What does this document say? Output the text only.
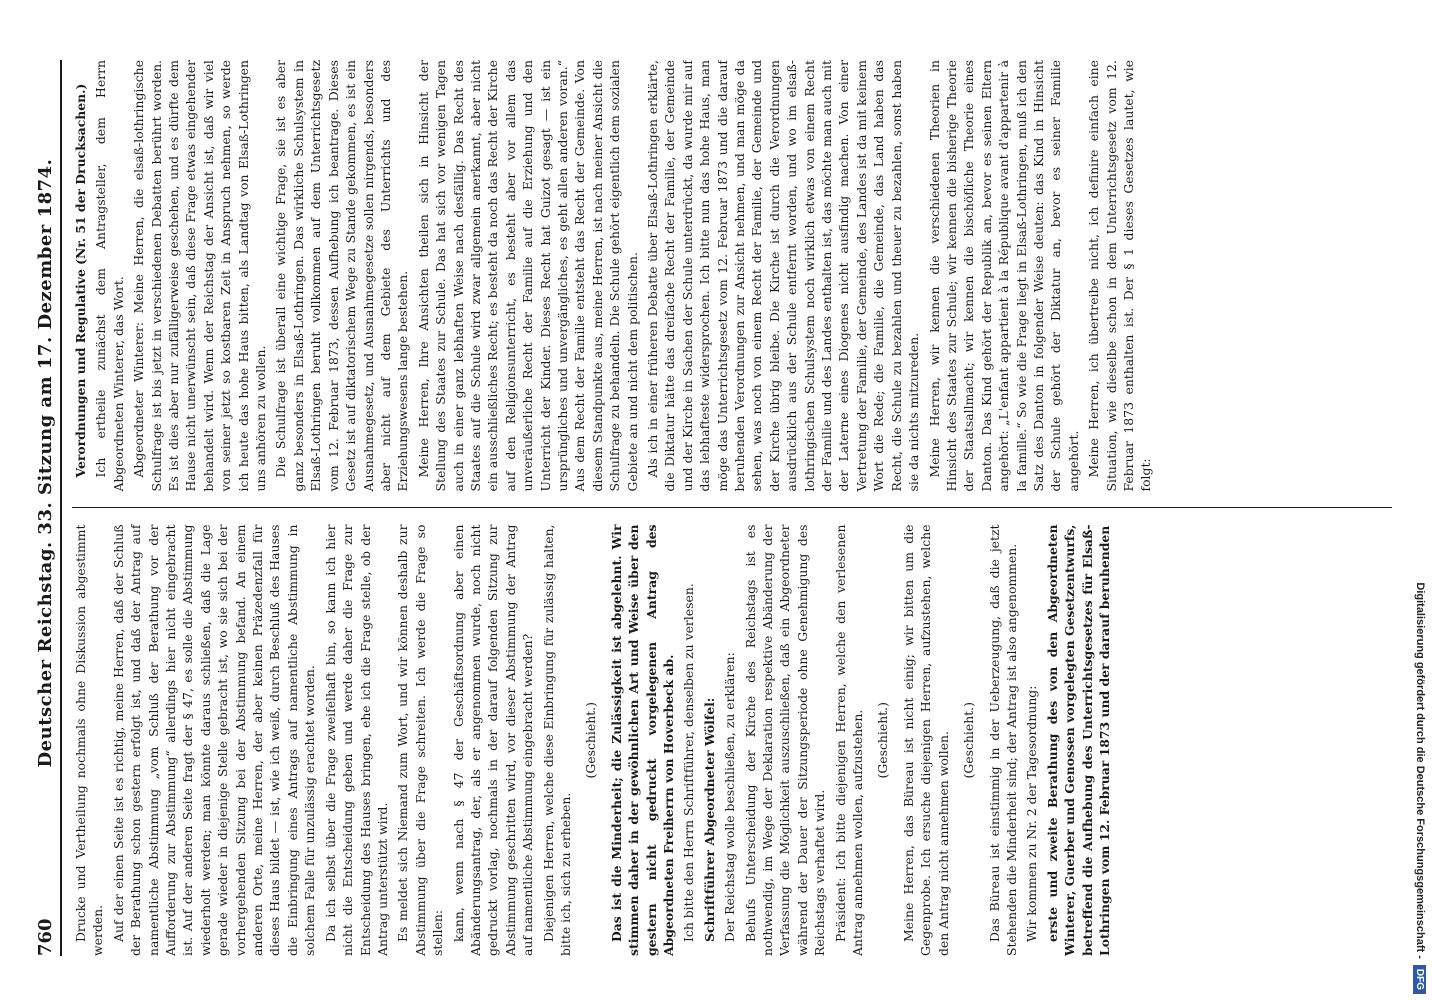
760
Deutscher Reichstag. 33. Sitzung am 17. Dezember 1874. Drucke und Vertheilung nochmals ohne Diskussion abgestimmt werden. Auf der einen Seite ist es richtig, meine Herren, daß der Schluß der Berathung schon gestern erfolgt ist, und daß der Antrag auf namentliche Abstimmung „vom Schluß der Berathung vor der Aufforderung zur Abstimmung“ allerdings hier nicht eingebracht ist. Auf der anderen Seite fragt der § 47, es solle die Abstimmung wiederholt werden; man könnte daraus schließen, daß die Lage gerade wieder in diejenige Stelle gebracht ist, wo sie sich bei der vorhergehenden Sitzung bei der Abstimmung befand. An einem anderen Orte, meine Herren, der aber keinen Präzedenzfall für dieses Haus bildet — ist, wie ich weiß, durch Beschluß des Hauses die Einbringung eines Antrags auf namentliche Abstimmung in solchem Falle für unzulässig erachtet worden. Da ich selbst über die Frage zweifelhaft bin, so kann ich hier nicht die Entscheidung geben und werde daher die Frage zur Entscheidung des Hauses bringen, ehe ich die Frage stelle, ob der Antrag unterstützt wird. Es meldet sich Niemand zum Wort, und wir können deshalb zur Abstimmung über die Frage schreiten. Ich werde die Frage so stellen: kann, wenn nach § 47 der Geschäftsordnung aber einen Abänderungsantrag, der, als er angenommen wurde, noch nicht gedruckt vorlag, nochmals in der darauf folgenden Sitzung zur Abstimmung geschritten wird, vor dieser Abstimmung der Antrag auf namentliche Abstimmung eingebracht werden? Diejenigen Herren, welche diese Einbringung für zulässig halten, bitte ich, sich zu erheben.

(Geschieht.) Das ist die Minderheit; die Zulässigkeit ist abgelehnt. Wir stimmen daher in der gewöhnlichen Art und Weise über den gestern nicht gedruckt vorgelegenen Antrag des Abgeordneten Freiherrn von Hoverbeck ab. Ich bitte den Herrn Schriftführer, denselben zu verlesen. Schriftführer Abgeordneter Wölfel: Der Reichstag wolle beschließen, zu erklären: Behufs Unterscheidung der Kirche des Reichstags ist es nothwendig, im Wege der Deklaration respektive Abänderung der Verfassung die Möglichkeit auszuschließen, daß ein Abgeordneter während der Dauer der Sitzungsperiode ohne Genehmigung des Reichstags verhaftet wird. Präsident: Ich bitte diejenigen Herren, welche den verlesenen Antrag annehmen wollen, aufzustehen. (Geschieht.) Meine Herren, das Büreau ist nicht einig; wir bitten um die Gegenprobe. Ich ersuche diejenigen Herren, aufzustehen, welche den Antrag nicht annehmen wollen. (Geschieht.) Das Büreau ist einstimmig in der Ueberzeugung, daß die jetzt Stehenden die Minderheit sind; der Antrag ist also angenommen. Wir kommen zu Nr. 2 der Tagesordnung: erste und zweite Berathung des von den Abgeordneten Winterer, Guerber und Genossen vorgelegten Gesetzentwurfs, betreffend die Aufhebung des Unterrichtsgesetzes für Elsaß-Lothringen vom 12. Februar 1873 und der darauf beruhenden

Verordnungen und Regulative (Nr. 51 der Drucksachen.) Ich ertheile zunächst dem Antragsteller, dem Herrn Abgeordneten Winterer, das Wort. Abgeordneter Winterer: Meine Herren, die elsaß-lothringische Schulfrage ist bis jetzt in verschiedenen Debatten berührt worden. Es ist dies aber nur zufälligerweise geschehen, und es dürfte dem Hause nicht unerwünscht sein, daß diese Frage etwas eingehender behandelt wird. Wenn der Reichstag der Ansicht ist, daß wir viel von seiner jetzt so kostbaren Zeit in Anspruch nehmen, so werde ich heute das hohe Haus bitten, als Landtag von Elsaß-Lothringen uns anhören zu wollen. Die Schulfrage ist überall eine wichtige Frage, sie ist es aber ganz besonders in Elsaß-Lothringen. Das wirkliche Schulsystem in Elsaß-Lothringen beruht vollkommen auf dem Unterrichtsgesetz vom 12. Februar 1873, dessen Aufhebung ich beantrage. Dieses Gesetz ist auf diktatorischem Wege zu Stande gekommen, es ist ein Ausnahmegesetz, und Ausnahmegesetze sollen nirgends, besonders aber nicht auf dem Gebiete des Unterrichts und des Erziehungswesens lange bestehen. Meine Herren, Ihre Ansichten theilen sich in Hinsicht der Stellung des Staates zur Schule. Das hat sich vor wenigen Tagen auch in einer ganz lebhaften Weise nach desfällig. Das Recht des Staates auf die Schule wird zwar allgemein anerkannt, aber nicht ein ausschließliches Recht; es besteht da noch das Recht der Kirche auf den Religionsunterricht, es besteht aber vor allem das unveräußerliche Recht der Familie auf die Erziehung und den Unterricht der Kinder. Dieses Recht hat Guizot gesagt — ist ein ursprüngliches und unvergängliches, es geht allen anderen voran.“ Aus dem Recht der Familie entsteht das Recht der Gemeinde. Von diesem Standpunkte aus, meine Herren, ist nach meiner Ansicht die Schulfrage zu behandeln. Die Schule gehört eigentlich dem sozialen Gebiete an und nicht dem politischen. Als ich in einer früheren Debatte über Elsaß-Lothringen erklärte, die Diktatur hätte das dreifache Recht der Familie, der Gemeinde und der Kirche in Sachen der Schule unterdrückt, da wurde mir auf das lebhafteste widersprochen. Ich bitte nun das hohe Haus, man möge das Unterrichtsgesetz vom 12. Februar 1873 und die darauf beruhenden Verordnungen zur Ansicht nehmen, und man möge da sehen, was noch von einem Recht der Familie, der Gemeinde und der Kirche übrig bleibe. Die Kirche ist durch die Verordnungen ausdrücklich aus der Schule entfernt worden, und wo im elsaß-lothringischen Schulsystem noch wirklich etwas von einem Recht der Familie und des Landes enthalten ist, das möchte man auch mit der Laterne eines Diogenes nicht ausfindig machen. Von einer Vertretung der Familie, der Gemeinde, des Landes ist da mit keinem Wort die Rede; die Familie, die Gemeinde, das Land haben das Recht, die Schule zu bezahlen und theuer zu bezahlen, sonst haben sie da nichts mitzureden. Meine Herren, wir kennen die verschiedenen Theorien in Hinsicht des Staates zur Schule; wir kennen die bisherige Theorie der Staatsallmacht; wir kennen die bischöfliche Theorie eines Danton. Das Kind gehört der Republik an, bevor es seinen Eltern angehört: „L'enfant appartient à la République avant d'appartenir à la famille.“ So wie die Frage liegt in Elsaß-Lothringen, muß ich den Satz des Danton in folgender Weise deuten: das Kind in Hinsicht der Schule gehört der Diktatur an, bevor es seiner Familie angehört. Meine Herren, ich übertreibe nicht, ich definire einfach eine Situation, wie dieselbe schon in dem Unterrichtsgesetz vom 12. Februar 1873 enthalten ist. Der § 1 dieses Gesetzes lautet, wie folgt:

Digitalisierung gefördert durch die Deutsche Forschungsgemeinschaft -
DFG
